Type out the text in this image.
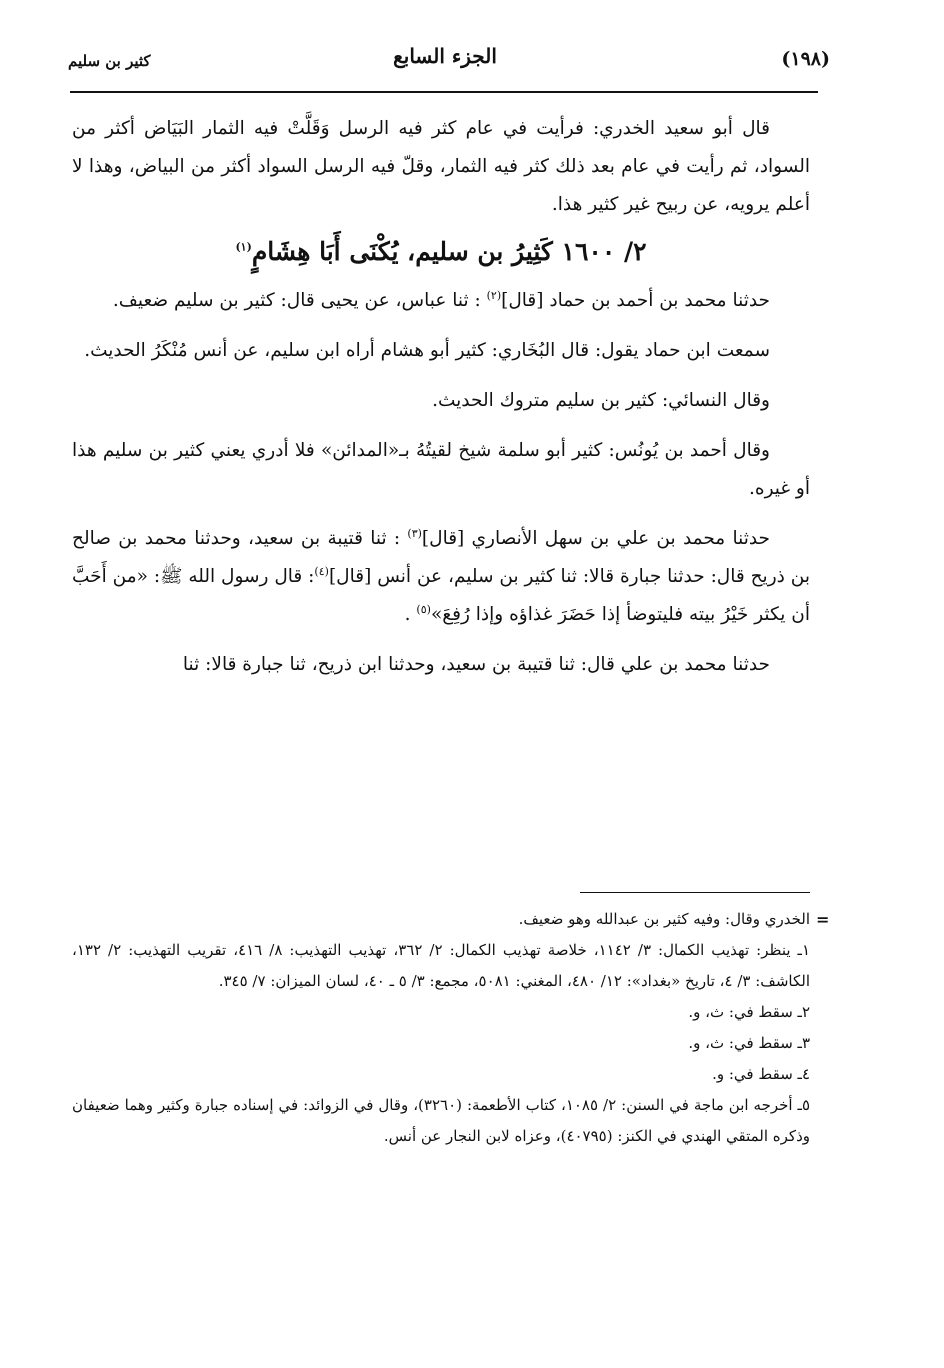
(١٩٨)
الجزء السابع
كثير بن سليم

قال أبو سعيد الخدري: فرأيت في عام كثر فيه الرسل وَقَلَّتْ فيه الثمار البَيَاض أكثر من السواد، ثم رأيت في عام بعد ذلك كثر فيه الثمار، وقلّ فيه الرسل السواد أكثر من البياض، وهذا لا أعلم يرويه، عن ربيح غير كثير هذا.

٢/ ١٦٠٠ كَثِيرُ بن سليم، يُكْنَى أَبَا هِشَامٍ$^{(١)}$

حدثنا محمد بن أحمد بن حماد [قال]$^{(٢)}$ : ثنا عباس، عن يحيى قال: كثير بن سليم ضعيف.

سمعت ابن حماد يقول: قال البُخَاري: كثير أبو هشام أراه ابن سليم، عن أنس مُنْكَرُ الحديث.

وقال النسائي: كثير بن سليم متروك الحديث.

وقال أحمد بن يُونُس: كثير أبو سلمة شيخ لقيتُهُ بـ«المدائن» فلا أدري يعني كثير بن سليم هذا أو غيره.

حدثنا محمد بن علي بن سهل الأنصاري [قال]$^{(٣)}$ : ثنا قتيبة بن سعيد، وحدثنا محمد بن صالح بن ذريح قال: حدثنا جبارة قالا: ثنا كثير بن سليم، عن أنس [قال]$^{(٤)}$: قال رسول الله ﷺ: «من أَحَبَّ أن يكثر خَيْرُ بيته فليتوضأ إذا حَضَرَ غذاؤه وإذا رُفِعَ»$^{(٥)}$ .

حدثنا محمد بن علي قال: ثنا قتيبة بن سعيد، وحدثنا ابن ذريح، ثنا جبارة قالا: ثنا

=

الخدري وقال: وفيه كثير بن عبدالله وهو ضعيف.

١ـ ينظر: تهذيب الكمال: ٣/ ١١٤٢، خلاصة تهذيب الكمال: ٢/ ٣٦٢، تهذيب التهذيب: ٨/ ٤١٦، تقريب التهذيب: ٢/ ١٣٢، الكاشف: ٣/ ٤، تاريخ «بغداد»: ١٢/ ٤٨٠، المغني: ٥٠٨١، مجمع: ٣/ ٥ ـ ٤٠، لسان الميزان: ٧/ ٣٤٥.

٢ـ سقط في: ث، و.

٣ـ سقط في: ث، و.

٤ـ سقط في: و.

٥ـ أخرجه ابن ماجة في السنن: ٢/ ١٠٨٥، كتاب الأطعمة: (٣٢٦٠)، وقال في الزوائد: في إسناده جبارة وكثير وهما ضعيفان وذكره المتقي الهندي في الكنز: (٤٠٧٩٥)، وعزاه لابن النجار عن أنس.
